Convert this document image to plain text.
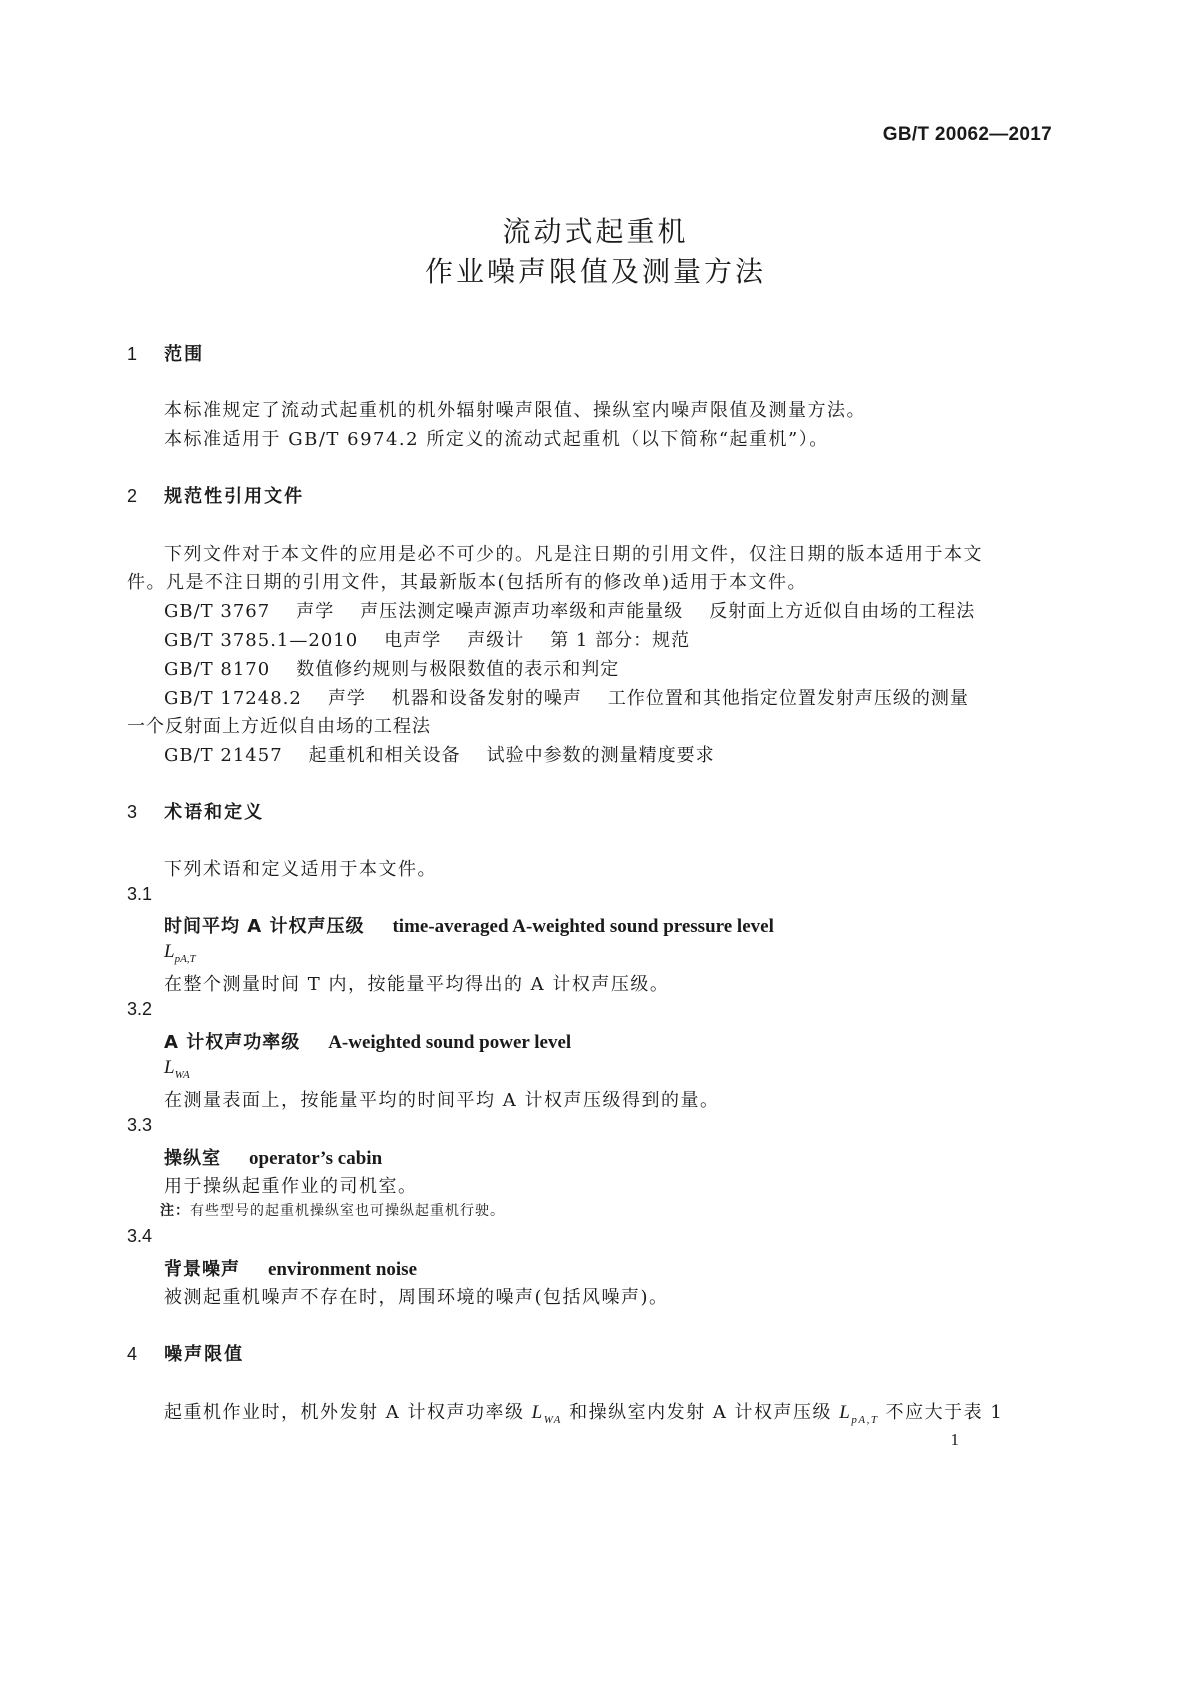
GB/T 20062—2017
流动式起重机
作业噪声限值及测量方法
1 范围
本标准规定了流动式起重机的机外辐射噪声限值、操纵室内噪声限值及测量方法。
本标准适用于 GB/T 6974.2 所定义的流动式起重机（以下简称“起重机”）。
2 规范性引用文件
下列文件对于本文件的应用是必不可少的。凡是注日期的引用文件，仅注日期的版本适用于本文
件。凡是不注日期的引用文件，其最新版本(包括所有的修改单)适用于本文件。
GB/T 3767 声学 声压法测定噪声源声功率级和声能量级 反射面上方近似自由场的工程法
GB/T 3785.1—2010 电声学 声级计 第 1 部分：规范
GB/T 8170 数值修约规则与极限数值的表示和判定
GB/T 17248.2 声学 机器和设备发射的噪声 工作位置和其他指定位置发射声压级的测量
一个反射面上方近似自由场的工程法
GB/T 21457 起重机和相关设备 试验中参数的测量精度要求
3 术语和定义
下列术语和定义适用于本文件。
3.1
时间平均 A 计权声压级 time-averaged A-weighted sound pressure level
$L_{pA,T}$
在整个测量时间 T 内，按能量平均得出的 A 计权声压级。
3.2
A 计权声功率级 A-weighted sound power level
$L_{WA}$
在测量表面上，按能量平均的时间平均 A 计权声压级得到的量。
3.3
操纵室 operator’s cabin
用于操纵起重作业的司机室。
注：有些型号的起重机操纵室也可操纵起重机行驶。
3.4
背景噪声 environment noise
被测起重机噪声不存在时，周围环境的噪声(包括风噪声)。
4 噪声限值
起重机作业时，机外发射 A 计权声功率级 $L_{WA}$ 和操纵室内发射 A 计权声压级 $L_{pA,T}$ 不应大于表 1
1
